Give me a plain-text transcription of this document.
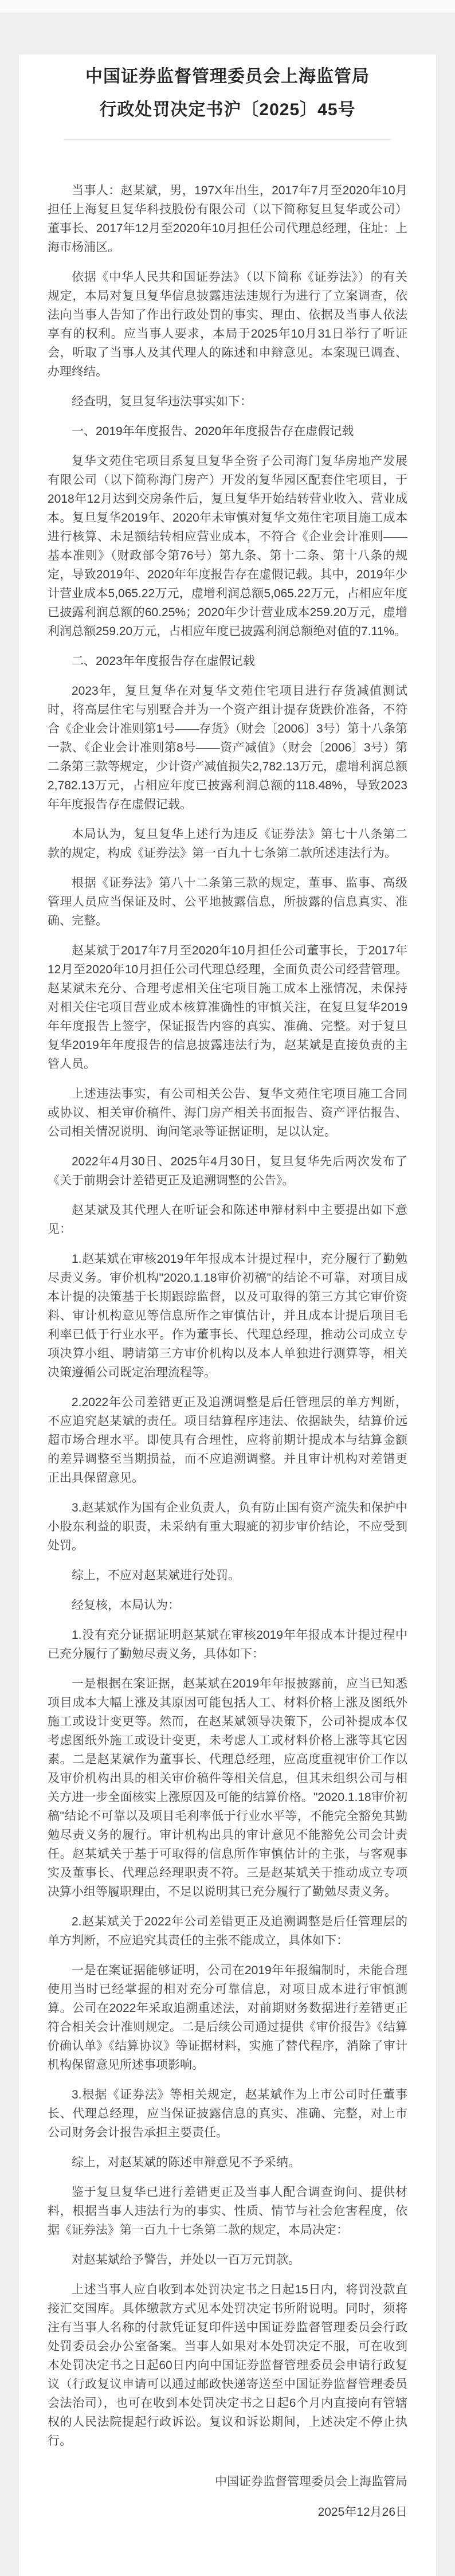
中国证券监督管理委员会上海监管局
行政处罚决定书沪〔2025〕45号

当事人：赵某斌，男，197X年出生，2017年7月至2020年10月担任上海复旦复华科技股份有限公司（以下简称复旦复华或公司）董事长、2017年12月至2020年10月担任公司代理总经理，住址：上海市杨浦区。

依据《中华人民共和国证券法》（以下简称《证券法》）的有关规定，本局对复旦复华信息披露违法违规行为进行了立案调查，依法向当事人告知了作出行政处罚的事实、理由、依据及当事人依法享有的权利。应当事人要求，本局于2025年10月31日举行了听证会，听取了当事人及其代理人的陈述和申辩意见。本案现已调查、办理终结。

经查明，复旦复华违法事实如下：

一、2019年年度报告、2020年年度报告存在虚假记载

复华文苑住宅项目系复旦复华全资子公司海门复华房地产发展有限公司（以下简称海门房产）开发的复华园区配套住宅项目，于2018年12月达到交房条件后，复旦复华开始结转营业收入、营业成本。复旦复华2019年、2020年未审慎对复华文苑住宅项目施工成本进行核算、未足额结转相应营业成本，不符合《企业会计准则——基本准则》（财政部令第76号）第九条、第十二条、第十八条的规定，导致2019年、2020年年度报告存在虚假记载。其中，2019年少计营业成本5,065.22万元，虚增利润总额5,065.22万元，占相应年度已披露利润总额的60.25%；2020年少计营业成本259.20万元，虚增利润总额259.20万元，占相应年度已披露利润总额绝对值的7.11%。

二、2023年年度报告存在虚假记载

2023年，复旦复华在对复华文苑住宅项目进行存货减值测试时，将高层住宅与别墅合并为一个资产组计提存货跌价准备，不符合《企业会计准则第1号——存货》（财会〔2006〕3号）第十八条第一款、《企业会计准则第8号——资产减值》（财会〔2006〕3号）第二条第三款等规定，少计资产减值损失2,782.13万元，虚增利润总额2,782.13万元，占相应年度已披露利润总额的118.48%，导致2023年年度报告存在虚假记载。

本局认为，复旦复华上述行为违反《证券法》第七十八条第二款的规定，构成《证券法》第一百九十七条第二款所述违法行为。

根据《证券法》第八十二条第三款的规定，董事、监事、高级管理人员应当保证及时、公平地披露信息，所披露的信息真实、准确、完整。

赵某斌于2017年7月至2020年10月担任公司董事长，于2017年12月至2020年10月担任公司代理总经理，全面负责公司经营管理。赵某斌未充分、合理考虑相关住宅项目施工成本上涨情况，未保持对相关住宅项目营业成本核算准确性的审慎关注，在复旦复华2019年年度报告上签字，保证报告内容的真实、准确、完整。对于复旦复华2019年年度报告的信息披露违法行为，赵某斌是直接负责的主管人员。

上述违法事实，有公司相关公告、复华文苑住宅项目施工合同或协议、相关审价稿件、海门房产相关书面报告、资产评估报告、公司相关情况说明、询问笔录等证据证明，足以认定。

2022年4月30日、2025年4月30日，复旦复华先后两次发布了《关于前期会计差错更正及追溯调整的公告》。

赵某斌及其代理人在听证会和陈述申辩材料中主要提出如下意见：

1.赵某斌在审核2019年年报成本计提过程中，充分履行了勤勉尽责义务。审价机构"2020.1.18审价初稿"的结论不可靠，对项目成本计提的决策基于长期跟踪监督，以及可取得的第三方其它审价资料、审计机构意见等信息所作之审慎估计，并且成本计提后项目毛利率已低于行业水平。作为董事长、代理总经理，推动公司成立专项决算小组、聘请第三方审价机构以及本人单独进行测算等，相关决策遵循公司既定治理流程等。

2.2022年公司差错更正及追溯调整是后任管理层的单方判断，不应追究赵某斌的责任。项目结算程序违法、依据缺失，结算价远超市场合理水平。即使具有合理性，应将前期计提成本与结算金额的差异调整至当期损益，而不应追溯调整。并且审计机构对差错更正出具保留意见。

3.赵某斌作为国有企业负责人，负有防止国有资产流失和保护中小股东利益的职责，未采纳有重大瑕疵的初步审价结论，不应受到处罚。

综上，不应对赵某斌进行处罚。

经复核，本局认为：

1.没有充分证据证明赵某斌在审核2019年年报成本计提过程中已充分履行了勤勉尽责义务，具体如下：

一是根据在案证据，赵某斌在2019年年报披露前，应当已知悉项目成本大幅上涨及其原因可能包括人工、材料价格上涨及图纸外施工或设计变更等。然而，在赵某斌领导决策下，公司补提成本仅考虑图纸外施工或设计变更，未考虑人工或材料价格上涨等其它因素。二是赵某斌作为董事长、代理总经理，应高度重视审价工作以及审价机构出具的相关审价稿件等相关信息，但其未组织公司与相关方进一步全面核实上涨原因及可能的结算价格。"2020.1.18审价初稿"结论不可靠以及项目毛利率低于行业水平等，不能完全豁免其勤勉尽责义务的履行。审计机构出具的审计意见不能豁免公司会计责任。赵某斌关于基于可取得的信息所作审慎估计的主张，与客观事实及董事长、代理总经理职责不符。三是赵某斌关于推动成立专项决算小组等履职理由，不足以说明其已充分履行了勤勉尽责义务。

2.赵某斌关于2022年公司差错更正及追溯调整是后任管理层的单方判断，不应追究其责任的主张不能成立，具体如下：

一是在案证据能够证明，公司在2019年年报编制时，未能合理使用当时已经掌握的相对充分可靠信息，对项目成本进行审慎测算。公司在2022年采取追溯重述法，对前期财务数据进行差错更正符合相关会计准则规定。二是后续公司通过提供《审价报告》《结算价确认单》《结算协议》等证据材料，实施了替代程序，消除了审计机构保留意见所述事项影响。

3.根据《证券法》等相关规定，赵某斌作为上市公司时任董事长、代理总经理，应当保证披露信息的真实、准确、完整，对上市公司财务会计报告承担主要责任。

综上，对赵某斌的陈述申辩意见不予采纳。

鉴于复旦复华已进行差错更正及当事人配合调查询问、提供材料，根据当事人违法行为的事实、性质、情节与社会危害程度，依据《证券法》第一百九十七条第二款的规定，本局决定：

对赵某斌给予警告，并处以一百万元罚款。

上述当事人应自收到本处罚决定书之日起15日内，将罚没款直接汇交国库。具体缴款方式见本处罚决定书所附说明。同时，须将注有当事人名称的付款凭证复印件送中国证券监督管理委员会行政处罚委员会办公室备案。当事人如果对本处罚决定不服，可在收到本处罚决定书之日起60日内向中国证券监督管理委员会申请行政复议（行政复议申请可以通过邮政快递寄送至中国证券监督管理委员会法治司），也可在收到本处罚决定书之日起6个月内直接向有管辖权的人民法院提起行政诉讼。复议和诉讼期间，上述决定不停止执行。

中国证券监督管理委员会上海监管局

2025年12月26日
